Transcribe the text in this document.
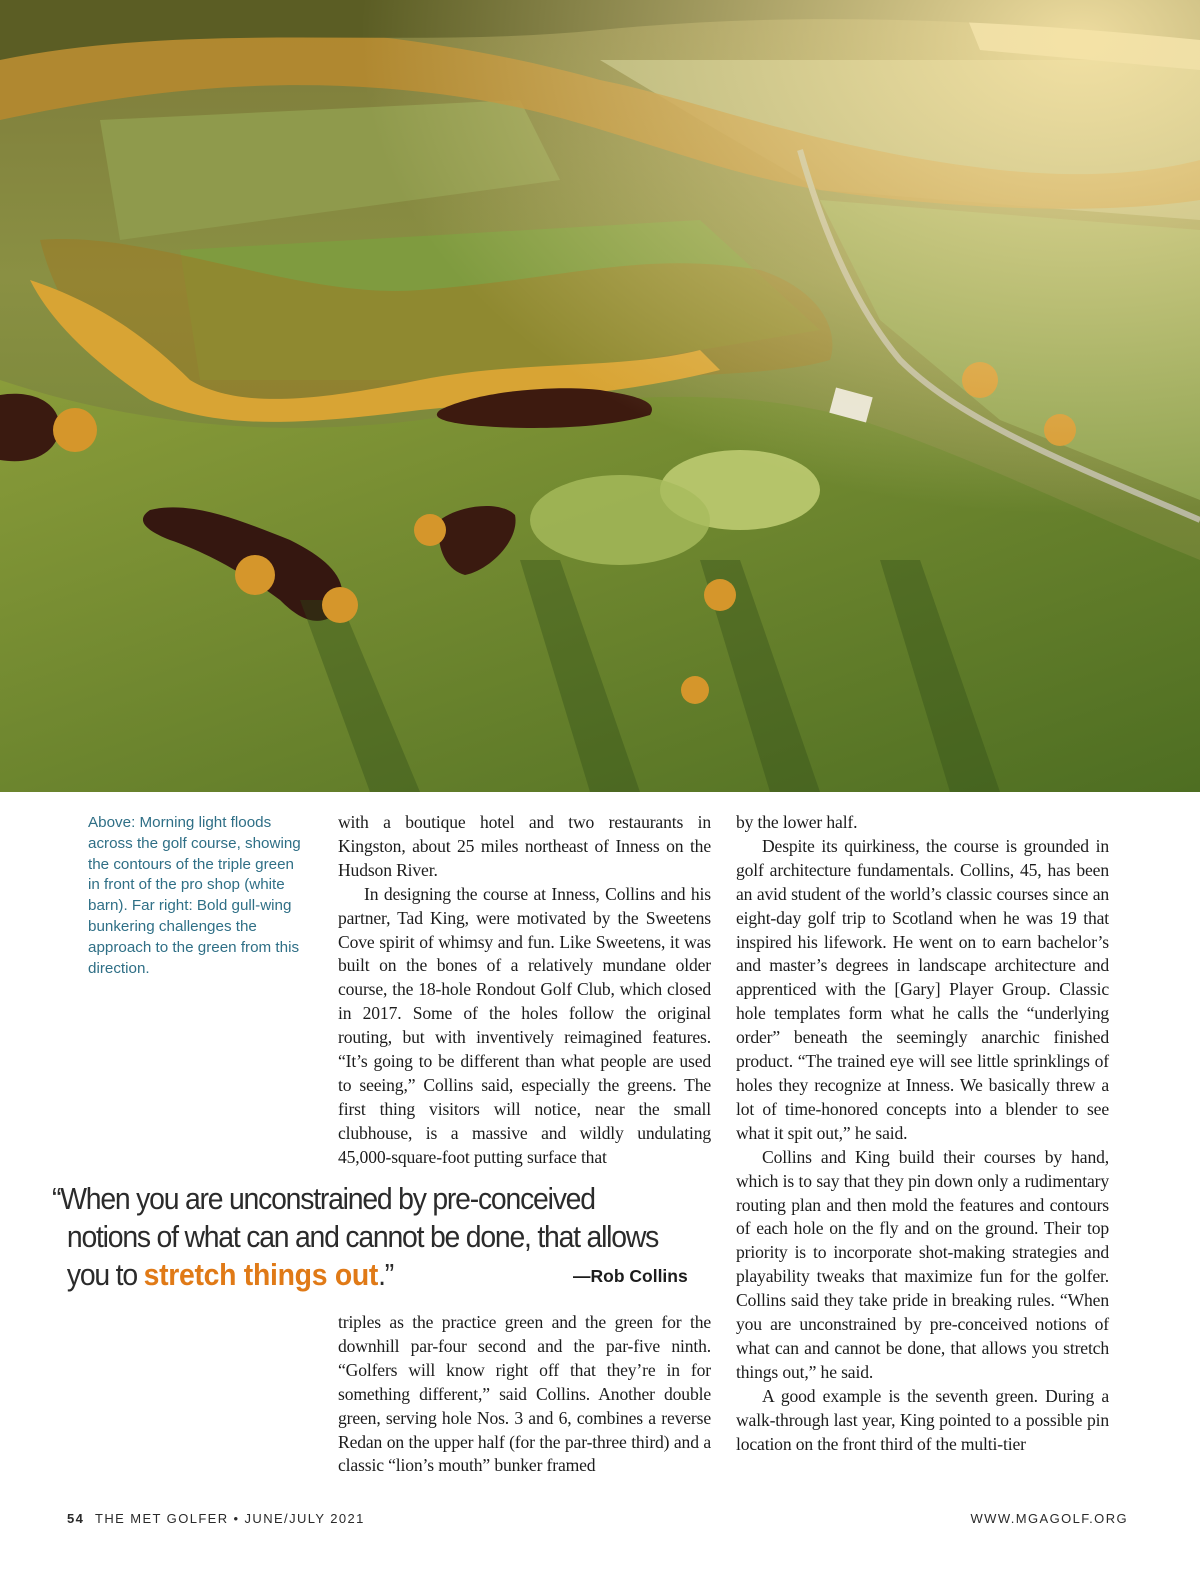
Above: Morning light floods across the golf course, showing the contours of the triple green in front of the pro shop (white barn). Far right: Bold gull-wing bunkering challenges the approach to the green from this direction.

with a boutique hotel and two restaurants in Kingston, about 25 miles northeast of Inness on the Hudson River.

In designing the course at Inness, Collins and his partner, Tad King, were motivated by the Sweetens Cove spirit of whimsy and fun. Like Sweetens, it was built on the bones of a relatively mundane older course, the 18-hole Rondout Golf Club, which closed in 2017. Some of the holes follow the original routing, but with inventively reimagined features. “It’s going to be different than what people are used to seeing,” Collins said, especially the greens. The first thing visitors will notice, near the small clubhouse, is a massive and wildly undulating 45,000-square-foot putting surface that

“When you are unconstrained by pre-conceived
notions of what can and cannot be done, that allows
you to stretch things out.”	—Rob Collins

triples as the practice green and the green for the downhill par-four second and the par-five ninth. “Golfers will know right off that they’re in for something different,” said Collins. Another double green, serving hole Nos. 3 and 6, combines a reverse Redan on the upper half (for the par-three third) and a classic “lion’s mouth” bunker framed

by the lower half.

Despite its quirkiness, the course is grounded in golf architecture fundamentals. Collins, 45, has been an avid student of the world’s classic courses since an eight-day golf trip to Scotland when he was 19 that inspired his lifework. He went on to earn bachelor’s and master’s degrees in landscape architecture and apprenticed with the [Gary] Player Group. Classic hole templates form what he calls the “underlying order” beneath the seemingly anarchic finished product. “The trained eye will see little sprinklings of holes they recognize at Inness. We basically threw a lot of time-honored concepts into a blender to see what it spit out,” he said.

Collins and King build their courses by hand, which is to say that they pin down only a rudimentary routing plan and then mold the features and contours of each hole on the fly and on the ground. Their top priority is to incorporate shot-making strategies and playability tweaks that maximize fun for the golfer. Collins said they take pride in breaking rules. “When you are unconstrained by pre-conceived notions of what can and cannot be done, that allows you stretch things out,” he said.

A good example is the seventh green. During a walk-through last year, King pointed to a possible pin location on the front third of the multi-tier

54 THE MET GOLFER • JUNE/JULY 2021	WWW.MGAGOLF.ORG
